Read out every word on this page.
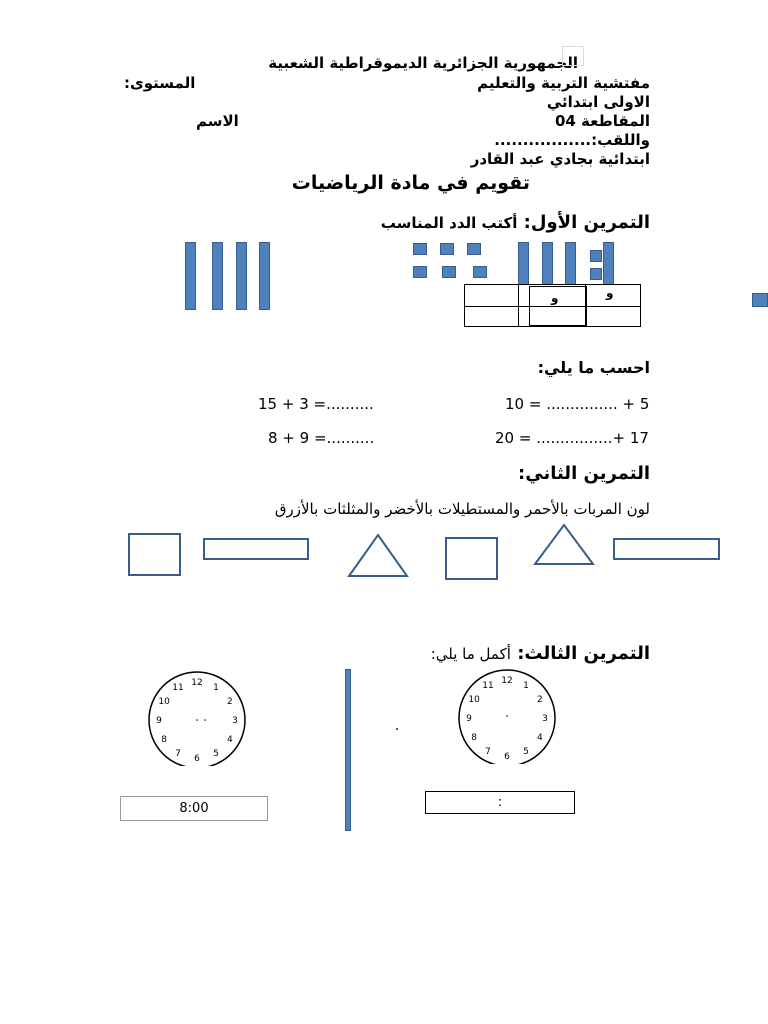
الجمهورية الجزائرية الديموقراطية الشعبية
مفتشية التربية والتعليم
المستوى:
الاولى ابتدائي
المقاطعة 04
الاسم
واللقب:.................
ابتدائية بجادي عبد القادر
تقويم في مادة الرياضيات
التمرين الأول: أكتب الدد المناسب
و	و
احسب ما يلي:
10 = ............... + 5
15 + 3 =..........
20 = ................+ 17
8 + 9 =..........
التمرين الثاني:
لون المربات بالأحمر والمستطيلات بالأخضر والمثلثات بالأزرق
التمرين الثالث: أكمل ما يلي:
12
1
2
3
4
5
6
7
8
9
10
11
12
1
2
3
4
5
6
7
8
9
10
11
8:00	:
